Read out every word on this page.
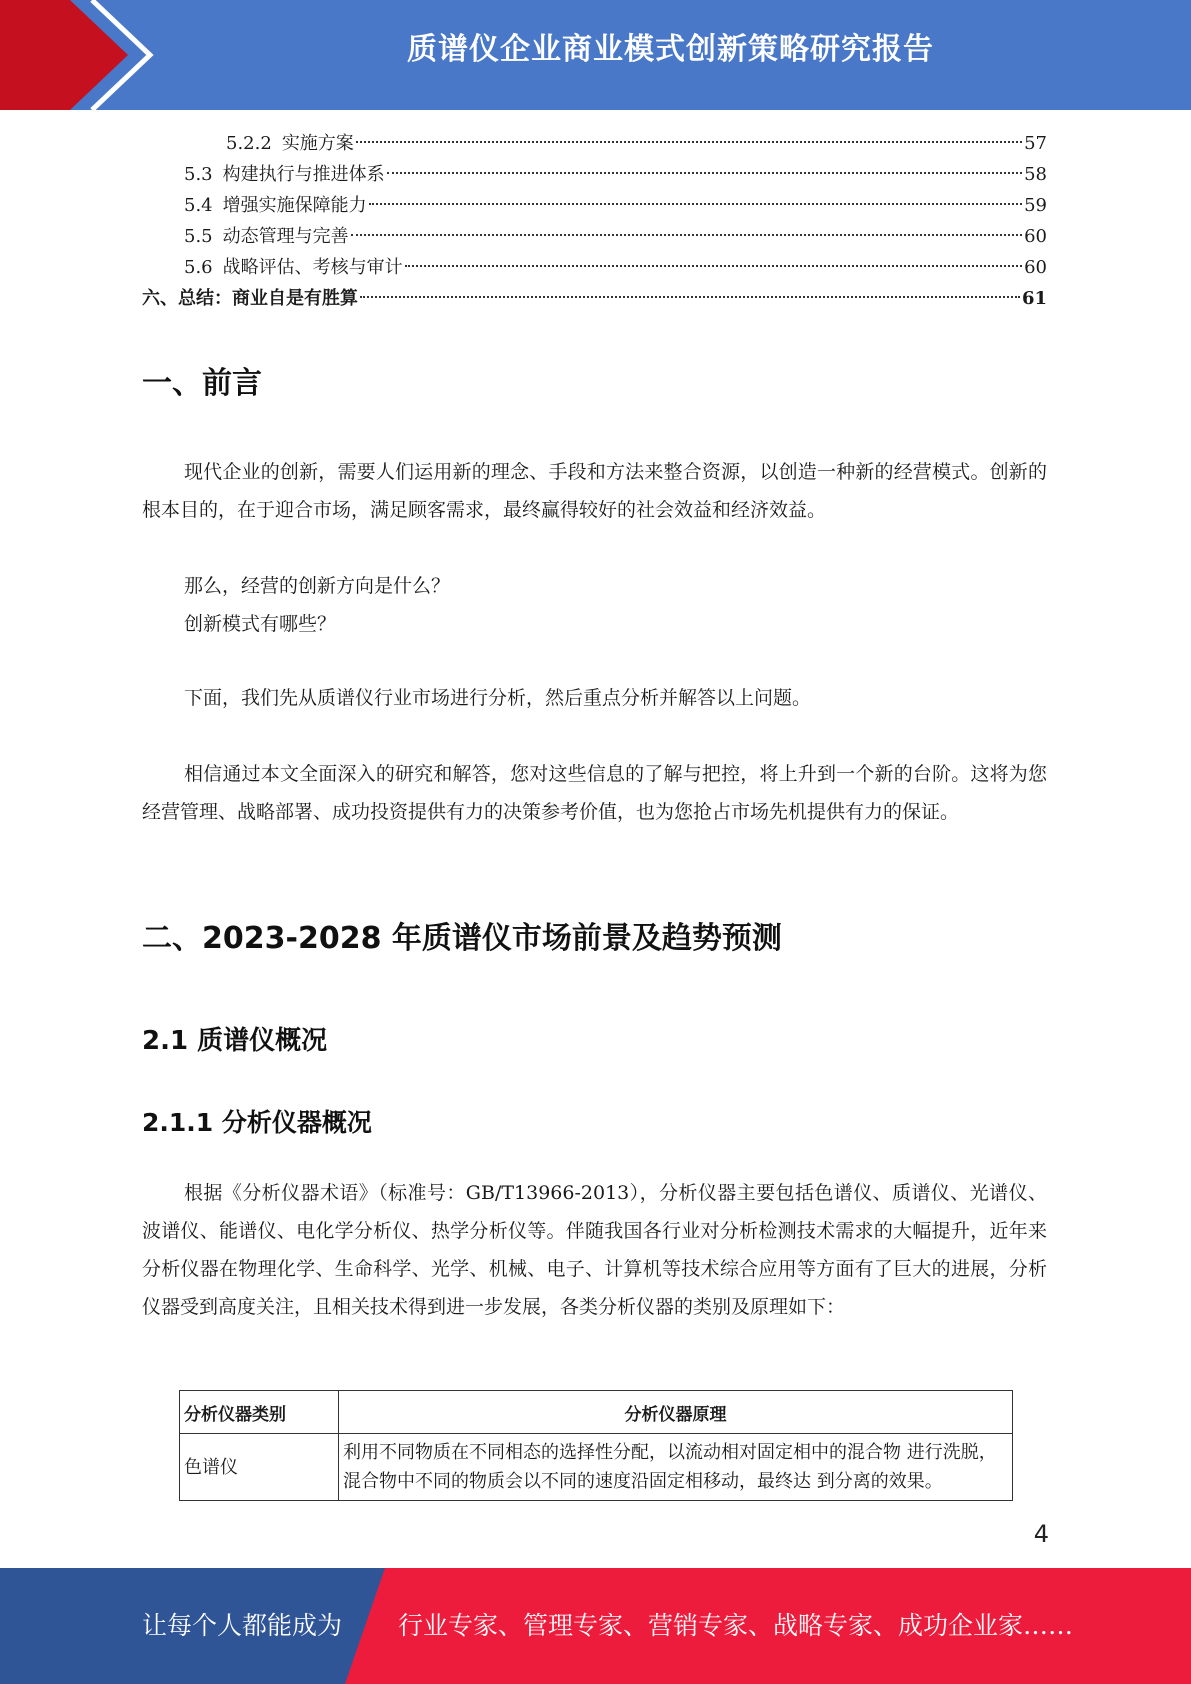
质谱仪企业商业模式创新策略研究报告
5.2.2 实施方案	57
5.3 构建执行与推进体系	58
5.4 增强实施保障能力	59
5.5 动态管理与完善	60
5.6 战略评估、考核与审计	60
六、总结：商业自是有胜算	61
一、前言
现代企业的创新，需要人们运用新的理念、手段和方法来整合资源，以创造一种新的经营模式。创新的根本目的，在于迎合市场，满足顾客需求，最终赢得较好的社会效益和经济效益。
那么，经营的创新方向是什么？
创新模式有哪些？
下面，我们先从质谱仪行业市场进行分析，然后重点分析并解答以上问题。
相信通过本文全面深入的研究和解答，您对这些信息的了解与把控，将上升到一个新的台阶。这将为您经营管理、战略部署、成功投资提供有力的决策参考价值，也为您抢占市场先机提供有力的保证。
二、2023-2028 年质谱仪市场前景及趋势预测
2.1 质谱仪概况
2.1.1 分析仪器概况
根据《分析仪器术语》（标准号：GB/T13966-2013），分析仪器主要包括色谱仪、质谱仪、光谱仪、波谱仪、能谱仪、电化学分析仪、热学分析仪等。伴随我国各行业对分析检测技术需求的大幅提升，近年来分析仪器在物理化学、生命科学、光学、机械、电子、计算机等技术综合应用等方面有了巨大的进展，分析仪器受到高度关注，且相关技术得到进一步发展，各类分析仪器的类别及原理如下：
分析仪器类别	分析仪器原理
色谱仪	利用不同物质在不同相态的选择性分配，以流动相对固定相中的混合物 进行洗脱，混合物中不同的物质会以不同的速度沿固定相移动，最终达 到分离的效果。
4
让每个人都能成为 行业专家、管理专家、营销专家、战略专家、成功企业家……
